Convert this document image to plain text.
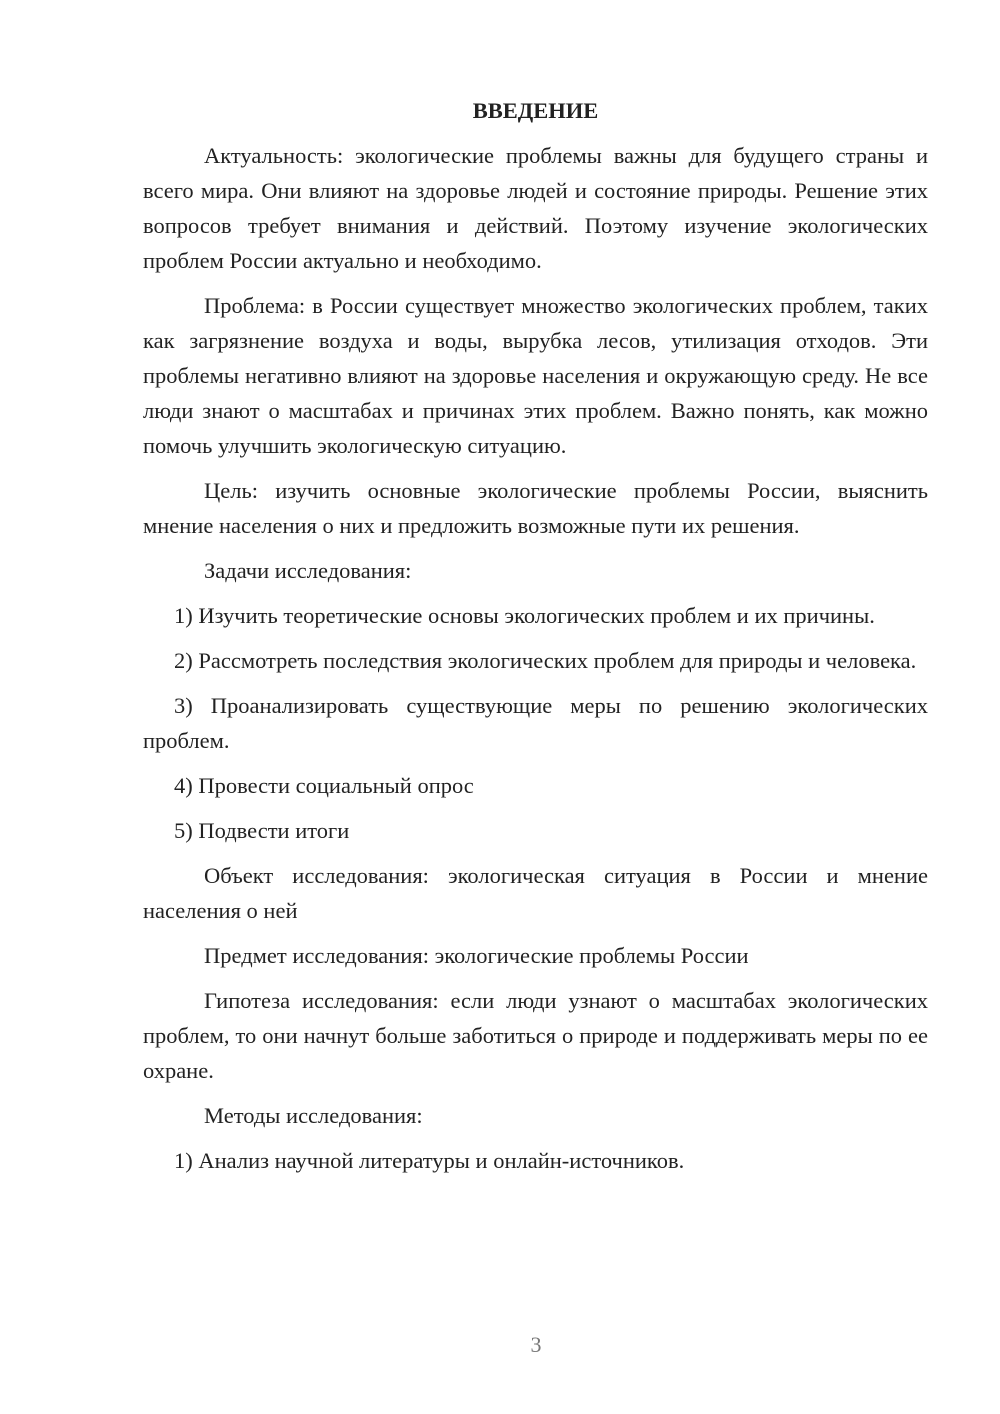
ВВЕДЕНИЕ
Актуальность: экологические проблемы важны для будущего страны и всего мира. Они влияют на здоровье людей и состояние природы. Решение этих вопросов требует внимания и действий. Поэтому изучение экологических проблем России актуально и необходимо.
Проблема: в России существует множество экологических проблем, таких как загрязнение воздуха и воды, вырубка лесов, утилизация отходов. Эти проблемы негативно влияют на здоровье населения и окружающую среду. Не все люди знают о масштабах и причинах этих проблем. Важно понять, как можно помочь улучшить экологическую ситуацию.
Цель: изучить основные экологические проблемы России, выяснить мнение населения о них и предложить возможные пути их решения.
Задачи исследования:
1) Изучить теоретические основы экологических проблем и их причины.
2) Рассмотреть последствия экологических проблем для природы и человека.
3) Проанализировать существующие меры по решению экологических проблем.
4) Провести социальный опрос
5) Подвести итоги
Объект исследования: экологическая ситуация в России и мнение населения о ней
Предмет исследования: экологические проблемы России
Гипотеза исследования: если люди узнают о масштабах экологических проблем, то они начнут больше заботиться о природе и поддерживать меры по ее охране.
Методы исследования:
1) Анализ научной литературы и онлайн-источников.
3
